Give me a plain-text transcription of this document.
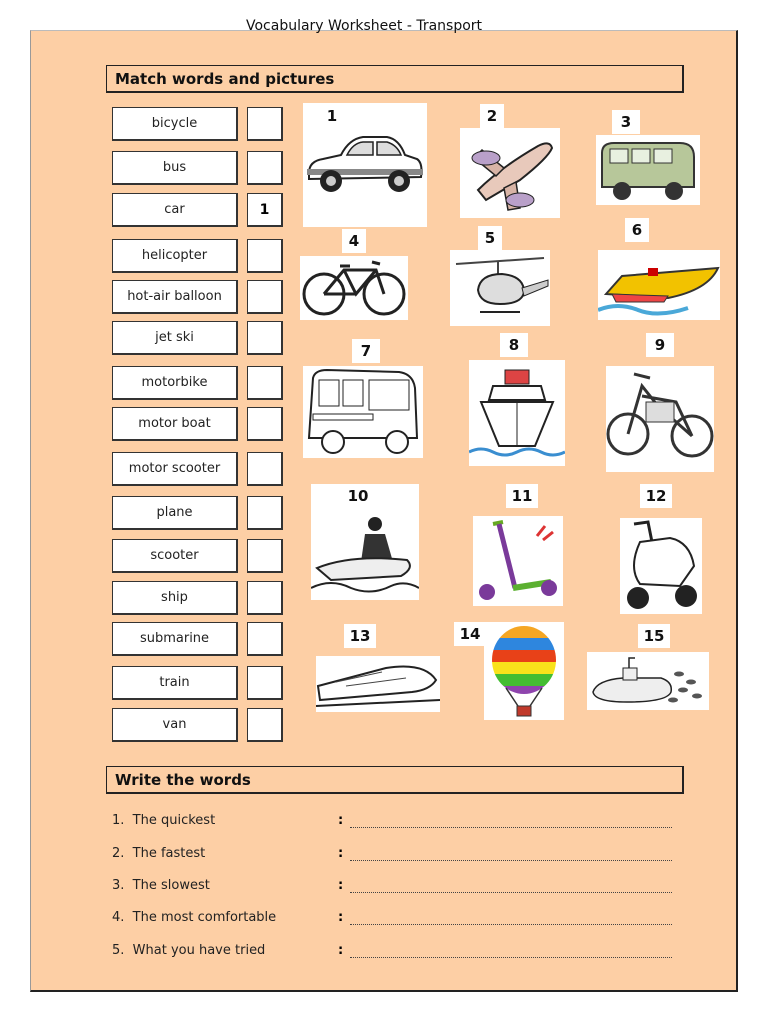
Vocabulary Worksheet - Transport
Match words and pictures
bicycle
bus
car	1
helicopter
hot-air balloon
jet ski
motorbike
motor boat
motor scooter
plane
scooter
ship
submarine
train
van
1	2	3
4	5	6
7	8	9
10	11	12
13	14	15
Write the words
1. The quickest	:
2. The fastest	:
3. The slowest	:
4. The most comfortable	:
5. What you have tried	:
